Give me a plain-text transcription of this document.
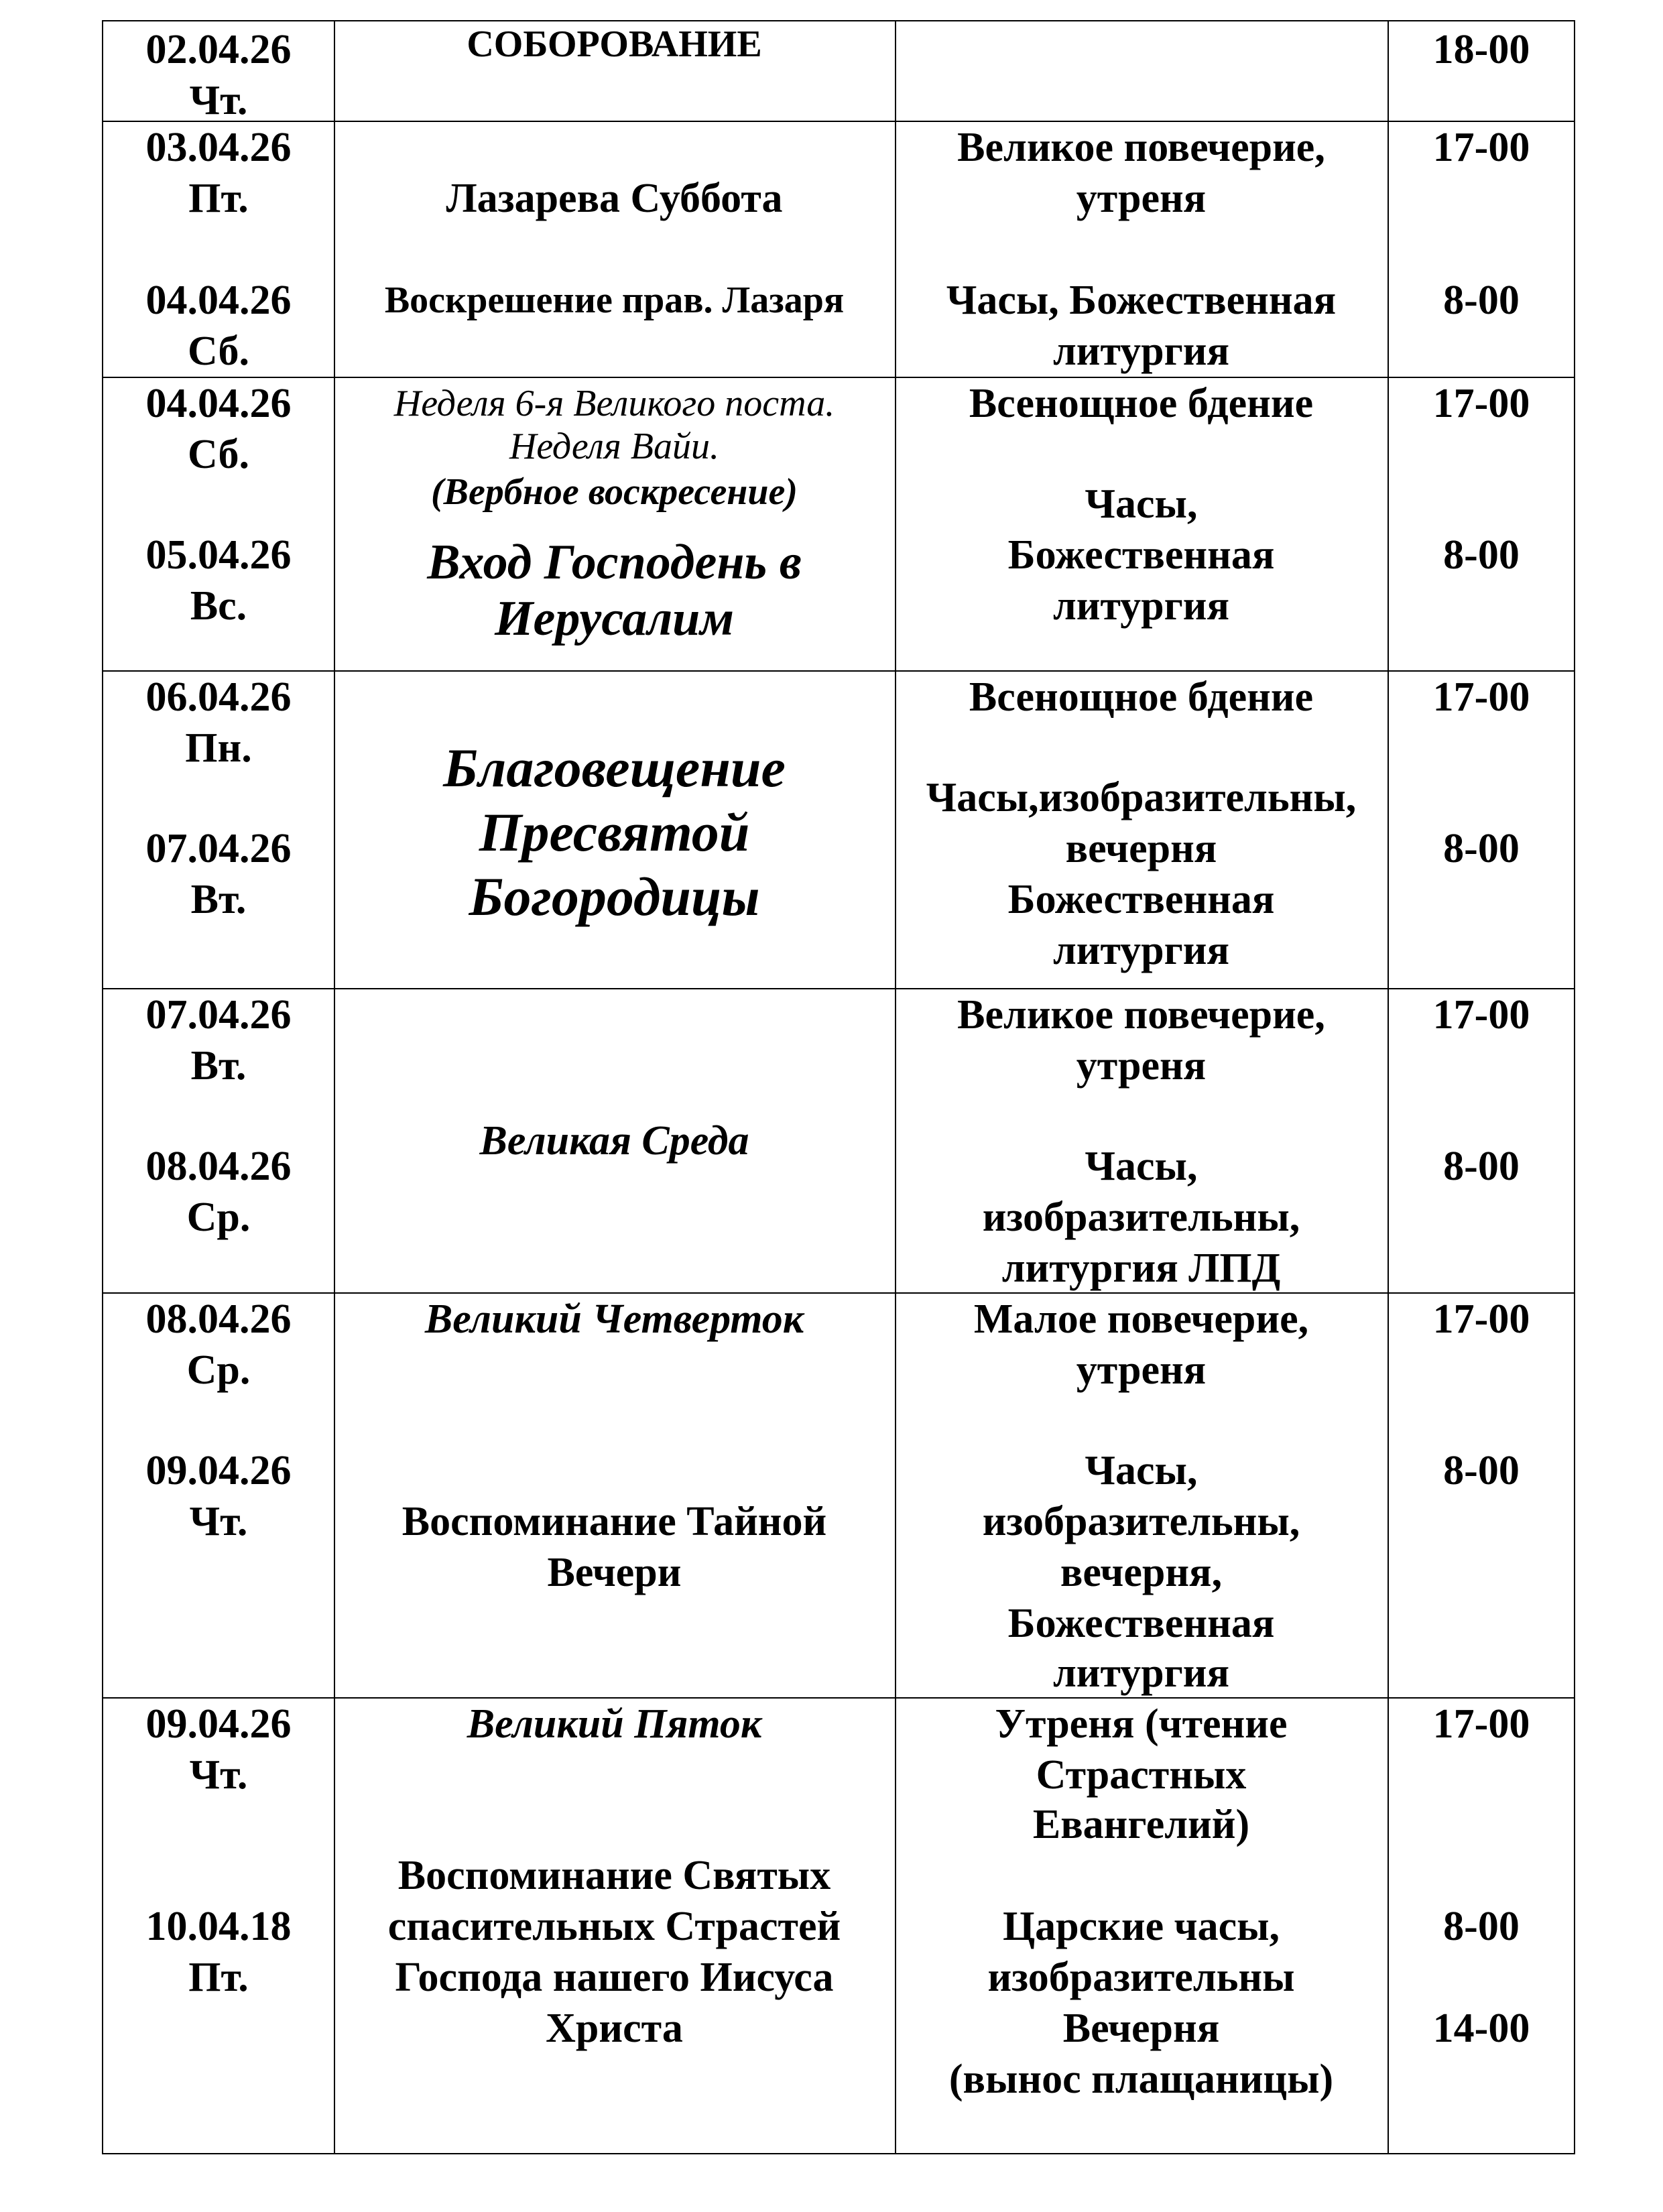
02.04.26
Чт.
СОБОРОВАНИЕ	18-00
03.04.26
Пт.
04.04.26
Сб.
Лазарева Суббота
Воскрешение прав. Лазаря
Великое повечерие,
утреня
Часы, Божественная
литургия
17-00
8-00
04.04.26
Сб.
05.04.26
Вс.
Неделя 6-я Великого поста.
Неделя Вайи.
(Вербное воскресение)
Вход Господень в
Иерусалим
Всенощное бдение
Часы,
Божественная
литургия
17-00
8-00
06.04.26
Пн.
07.04.26
Вт.
Благовещение
Пресвятой
Богородицы
Всенощное бдение
Часы,изобразительны,
вечерня
Божественная
литургия
17-00
8-00
07.04.26
Вт.
08.04.26
Ср.
Великая Среда
Великое повечерие,
утреня
Часы,
изобразительны,
литургия ЛПД
17-00
8-00
08.04.26
Ср.
09.04.26
Чт.
Великий Четверток
Воспоминание Тайной
Вечери
Малое повечерие,
утреня
Часы,
изобразительны,
вечерня,
Божественная
литургия
17-00
8-00
09.04.26
Чт.
10.04.18
Пт.
Великий Пяток
Воспоминание Святых
спасительных Страстей
Господа нашего Иисуса
Христа
Утреня (чтение
Страстных
Евангелий)
Царские часы,
изобразительны
Вечерня
(вынос плащаницы)
17-00
8-00
14-00
